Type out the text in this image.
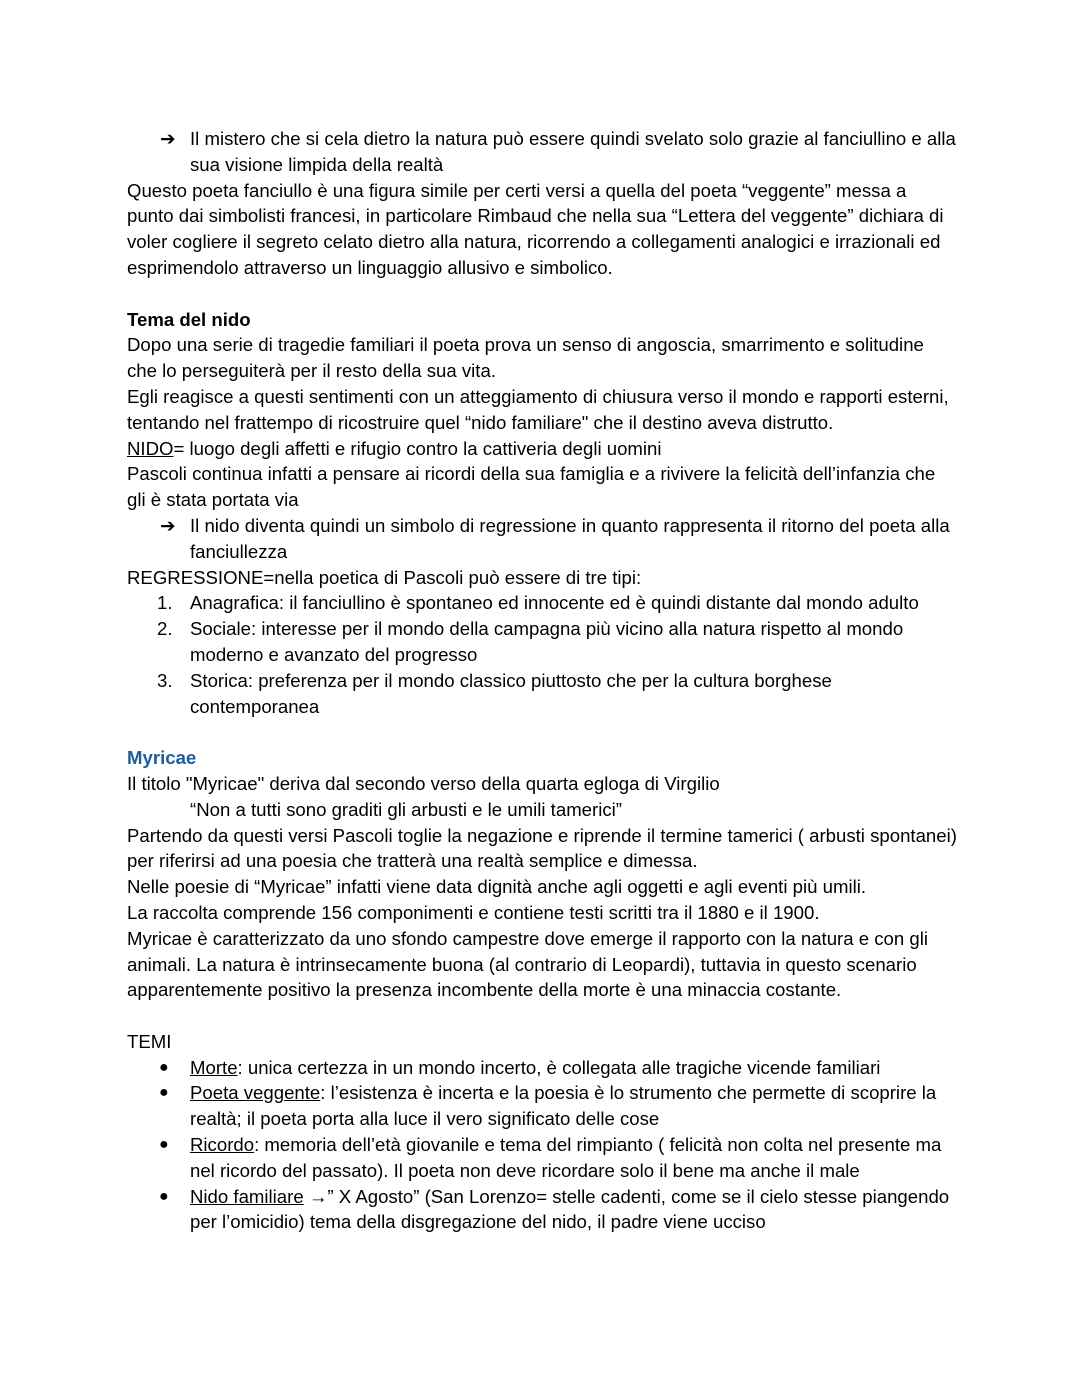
➔ Il mistero che si cela dietro la natura può essere quindi svelato solo grazie al fanciullino e alla sua visione limpida della realtà

Questo poeta fanciullo è una figura simile per certi versi a quella del poeta “veggente” messa a punto dai simbolisti francesi, in particolare Rimbaud che nella sua “Lettera del veggente” dichiara di voler cogliere il segreto celato dietro alla natura, ricorrendo a collegamenti analogici e irrazionali ed esprimendolo attraverso un linguaggio allusivo e simbolico.

Tema del nido

Dopo una serie di tragedie familiari il poeta prova un senso di angoscia, smarrimento e solitudine che lo perseguiterà per il resto della sua vita.

Egli reagisce a questi sentimenti con un atteggiamento di chiusura verso il mondo e rapporti esterni, tentando nel frattempo di ricostruire quel “nido familiare" che il destino aveva distrutto.

NIDO= luogo degli affetti e rifugio contro la cattiveria degli uomini

Pascoli continua infatti a pensare ai ricordi della sua famiglia e a rivivere la felicità dell’infanzia che gli è stata portata via

➔ Il nido diventa quindi un simbolo di regressione in quanto rappresenta il ritorno del poeta alla fanciullezza

REGRESSIONE=nella poetica di Pascoli può essere di tre tipi:

1. Anagrafica: il fanciullino è spontaneo ed innocente ed è quindi distante dal mondo adulto
2. Sociale: interesse per il mondo della campagna più vicino alla natura rispetto al mondo moderno e avanzato del progresso
3. Storica: preferenza per il mondo classico piuttosto che per la cultura borghese contemporanea

Myricae

Il titolo "Myricae" deriva dal secondo verso della quarta egloga di Virgilio

“Non a tutti sono graditi gli arbusti e le umili tamerici”

Partendo da questi versi Pascoli toglie la negazione e riprende il termine tamerici ( arbusti spontanei) per riferirsi ad una poesia che tratterà una realtà semplice e dimessa.

Nelle poesie di “Myricae” infatti viene data dignità anche agli oggetti e agli eventi più umili.

La raccolta comprende 156 componimenti e contiene testi scritti tra il 1880 e il 1900.

Myricae è caratterizzato da uno sfondo campestre dove emerge il rapporto con la natura e con gli animali. La natura è intrinsecamente buona (al contrario di Leopardi), tuttavia in questo scenario apparentemente positivo la presenza incombente della morte è una minaccia costante.

TEMI

●	Morte: unica certezza in un mondo incerto, è collegata alle tragiche vicende familiari
●	Poeta veggente: l’esistenza è incerta e la poesia è lo strumento che permette di scoprire la realtà; il poeta porta alla luce il vero significato delle cose
●	Ricordo: memoria dell’età giovanile e tema del rimpianto ( felicità non colta nel presente ma nel ricordo del passato). Il poeta non deve ricordare solo il bene ma anche il male
●	Nido familiare →” X Agosto” (San Lorenzo= stelle cadenti, come se il cielo stesse piangendo per l’omicidio) tema della disgregazione del nido, il padre viene ucciso
